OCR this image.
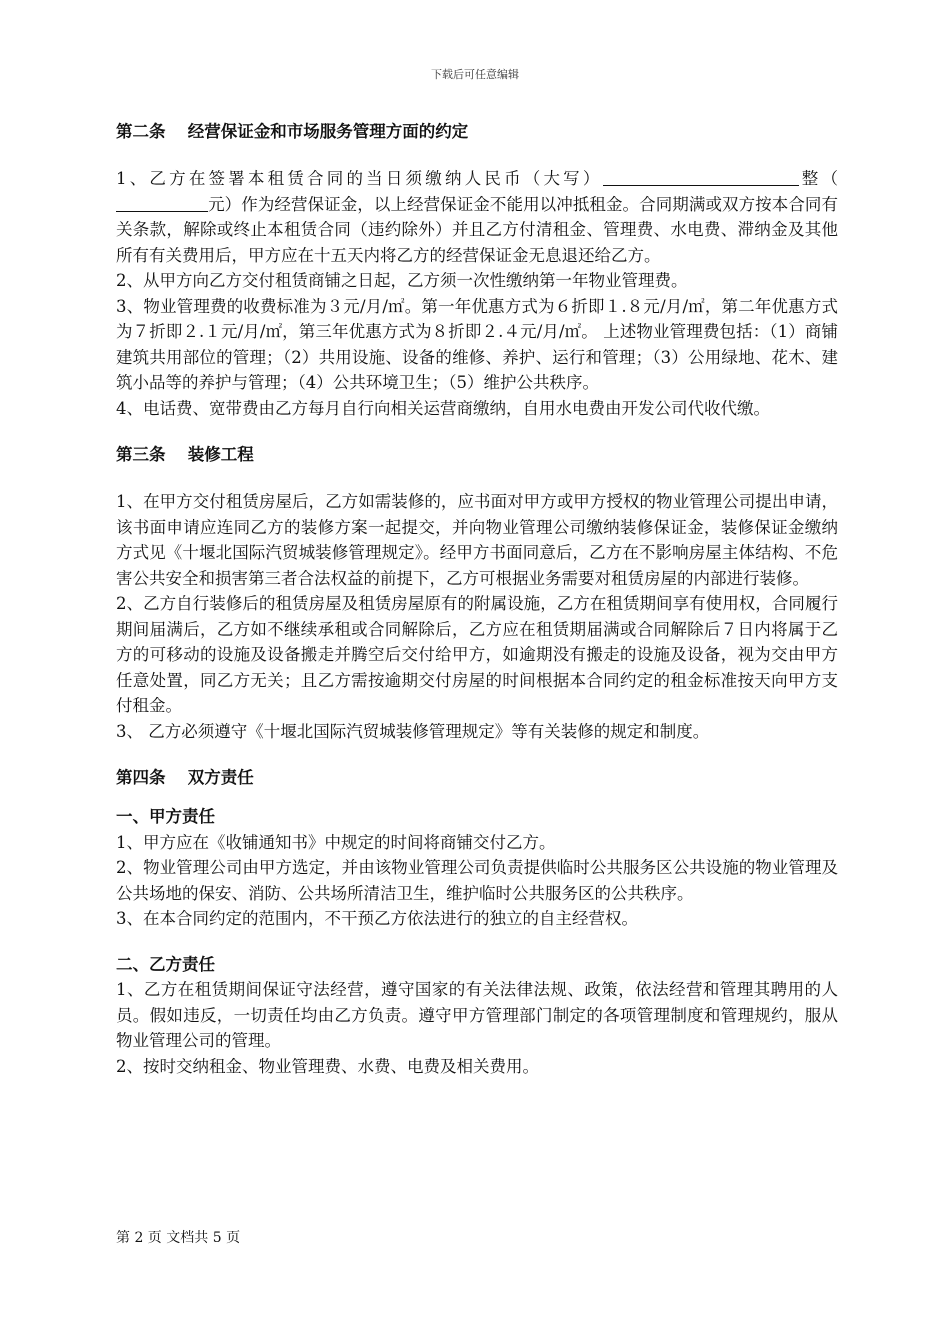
下载后可任意编辑

第二条 　经营保证金和市场服务管理方面的约定

1、乙方在签署本租赁合同的当日须缴纳人民币（大写）	整（元）作为经营保证金，以上经营保证金不能用以冲抵租金。合同期满或双方按本合同有关条款，解除或终止本租赁合同（违约除外）并且乙方付清租金、管理费、水电费、滞纳金及其他所有有关费用后，甲方应在十五天内将乙方的经营保证金无息退还给乙方。

2、从甲方向乙方交付租赁商铺之日起，乙方须一次性缴纳第一年物业管理费。

3、物业管理费的收费标准为３元/月/㎡。第一年优惠方式为６折即１.８元/月/㎡，第二年优惠方式为７折即２.１元/月/㎡，第三年优惠方式为８折即２.４元/月/㎡。 上述物业管理费包括：（1）商铺建筑共用部位的管理；（2）共用设施、设备的维修、养护、运行和管理；（3）公用绿地、花木、建筑小品等的养护与管理；（4）公共环境卫生；（5）维护公共秩序。

4、电话费、宽带费由乙方每月自行向相关运营商缴纳，自用水电费由开发公司代收代缴。

第三条 　装修工程

1、在甲方交付租赁房屋后，乙方如需装修的，应书面对甲方或甲方授权的物业管理公司提出申请，该书面申请应连同乙方的装修方案一起提交，并向物业管理公司缴纳装修保证金，装修保证金缴纳方式见《十堰北国际汽贸城装修管理规定》。经甲方书面同意后，乙方在不影响房屋主体结构、不危害公共安全和损害第三者合法权益的前提下，乙方可根据业务需要对租赁房屋的内部进行装修。

2、乙方自行装修后的租赁房屋及租赁房屋原有的附属设施，乙方在租赁期间享有使用权，合同履行期间届满后，乙方如不继续承租或合同解除后，乙方应在租赁期届满或合同解除后７日内将属于乙方的可移动的设施及设备搬走并腾空后交付给甲方，如逾期没有搬走的设施及设备，视为交由甲方任意处置，同乙方无关；且乙方需按逾期交付房屋的时间根据本合同约定的租金标准按天向甲方支付租金。

3、 乙方必须遵守《十堰北国际汽贸城装修管理规定》等有关装修的规定和制度。

第四条 　双方责任

一、甲方责任

1、甲方应在《收铺通知书》中规定的时间将商铺交付乙方。

2、物业管理公司由甲方选定，并由该物业管理公司负责提供临时公共服务区公共设施的物业管理及公共场地的保安、消防、公共场所清洁卫生，维护临时公共服务区的公共秩序。

3、在本合同约定的范围内，不干预乙方依法进行的独立的自主经营权。

二、乙方责任

1、乙方在租赁期间保证守法经营，遵守国家的有关法律法规、政策，依法经营和管理其聘用的人员。假如违反，一切责任均由乙方负责。遵守甲方管理部门制定的各项管理制度和管理规约，服从物业管理公司的管理。

2、按时交纳租金、物业管理费、水费、电费及相关费用。

第 2 页 文档共 5 页
